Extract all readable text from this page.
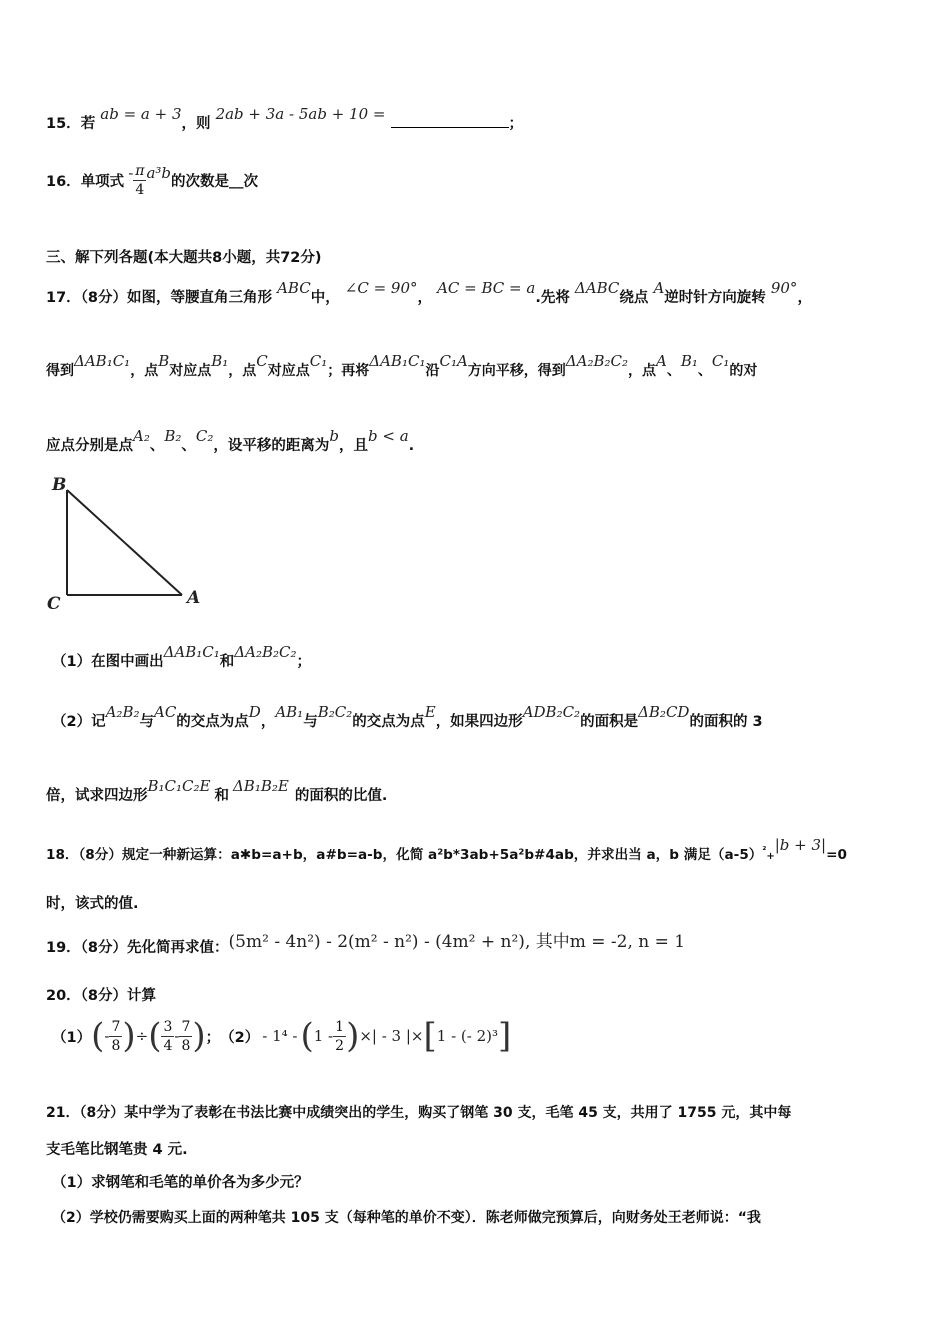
15．若 ab = a + 3，则 2ab + 3a - 5ab + 10 = ；
16． 单项式
- $\frac{\pi}{4} a^3b$
的次数是 __ 次
三、解下列各题(本大题共8小题，共72分)
17．（8分）如图，等腰直角三角形 ABC中， ∠C = 90°， AC = BC = a.先将 ΔABC绕点 A逆时针方向旋转 90°，
得到ΔAB₁C₁，点B对应点B₁，点C对应点C₁；再将ΔAB₁C₁沿C₁A方向平移，得到ΔA₂B₂C₂，点A、B₁、C₁的对
应点分别是点A₂、B₂、C₂，设平移的距离为b，且b < a.
B
C	A
（1）在图中画出ΔAB₁C₁和ΔA₂B₂C₂；
（2）记A₂B₂与AC的交点为点D，AB₁与B₂C₂的交点为点E，如果四边形ADB₂C₂的面积是ΔB₂CD的面积的 3
倍，试求四边形B₁C₁C₂E和ΔB₁B₂E的面积的比值.
18．（8分）规定一种新运算：a✱b=a+b，a#b=a-b，化简 a²b*3ab+5a²b#4ab，并求出当 a，b 满足$(a-5)^{^2}+|b + 3|=0$
时，该式的值.
19．（8分）先化简再求值：(5m² - 4n²) - 2(m² - n²) - (4m² + n²), 其中m = -2, n = 1
20．（8分）计算
（1） ( - $\frac{7}{8}$ ) ÷ ( $\frac{3}{4} - \frac{7}{8}$ ) ； （2） - 1⁴ - ( $1 - \frac{1}{2}$ ) ×| - 3 |× [ 1 - (- 2)³ ]
21．（8分）某中学为了表彰在书法比赛中成绩突出的学生，购买了钢笔 30 支，毛笔 45 支，共用了 1755 元，其中每
支毛笔比钢笔贵 4 元.
（1）求钢笔和毛笔的单价各为多少元？
（2）学校仍需要购买上面的两种笔共 105 支（每种笔的单价不变）．陈老师做完预算后，向财务处王老师说：“我
